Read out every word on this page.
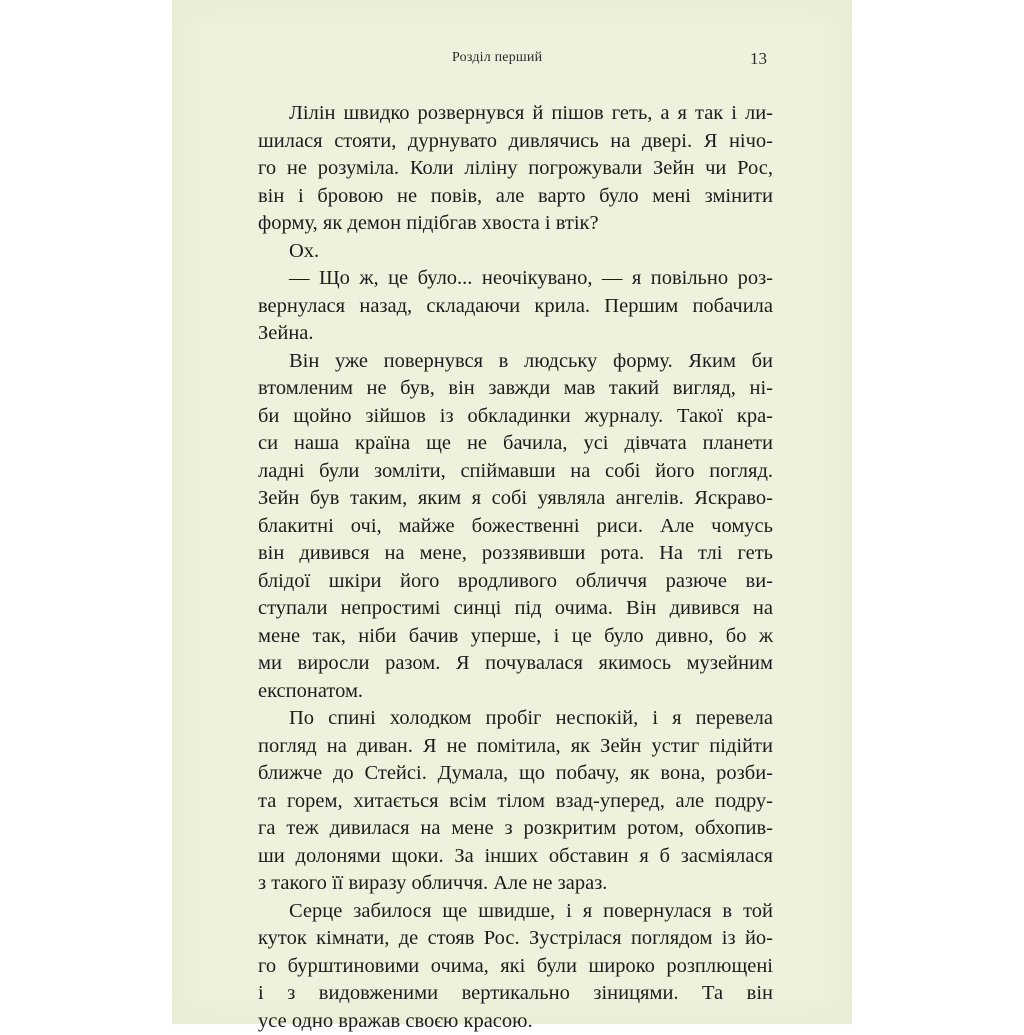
Розділ перший	13
Лілін швидко розвернувся й пішов геть, а я так і ли-
шилася стояти, дурнувато дивлячись на двері. Я нічо-
го не розуміла. Коли ліліну погрожували Зейн чи Рос,
він і бровою не повів, але варто було мені змінити
форму, як демон підібгав хвоста і втік?
Ох.
— Що ж, це було... неочікувано, — я повільно роз-
вернулася назад, складаючи крила. Першим побачила
Зейна.
Він уже повернувся в людську форму. Яким би
втомленим не був, він завжди мав такий вигляд, ні-
би щойно зійшов із обкладинки журналу. Такої кра-
си наша країна ще не бачила, усі дівчата планети
ладні були зомліти, спіймавши на собі його погляд.
Зейн був таким, яким я собі уявляла ангелів. Яскраво-
блакитні очі, майже божественні риси. Але чомусь
він дивився на мене, роззявивши рота. На тлі геть
блідої шкіри його вродливого обличчя разюче ви-
ступали непростимі синці під очима. Він дивився на
мене так, ніби бачив уперше, і це було дивно, бо ж
ми виросли разом. Я почувалася якимось музейним
експонатом.
По спині холодком пробіг неспокій, і я перевела
погляд на диван. Я не помітила, як Зейн устиг підійти
ближче до Стейсі. Думала, що побачу, як вона, розби-
та горем, хитається всім тілом взад-уперед, але подру-
га теж дивилася на мене з розкритим ротом, обхопив-
ши долонями щоки. За інших обставин я б засміялася
з такого її виразу обличчя. Але не зараз.
Серце забилося ще швидше, і я повернулася в той
куток кімнати, де стояв Рос. Зустрілася поглядом із йо-
го бурштиновими очима, які були широко розплющені
і з видовженими вертикально зіницями. Та він
усе одно вражав своєю красою.
